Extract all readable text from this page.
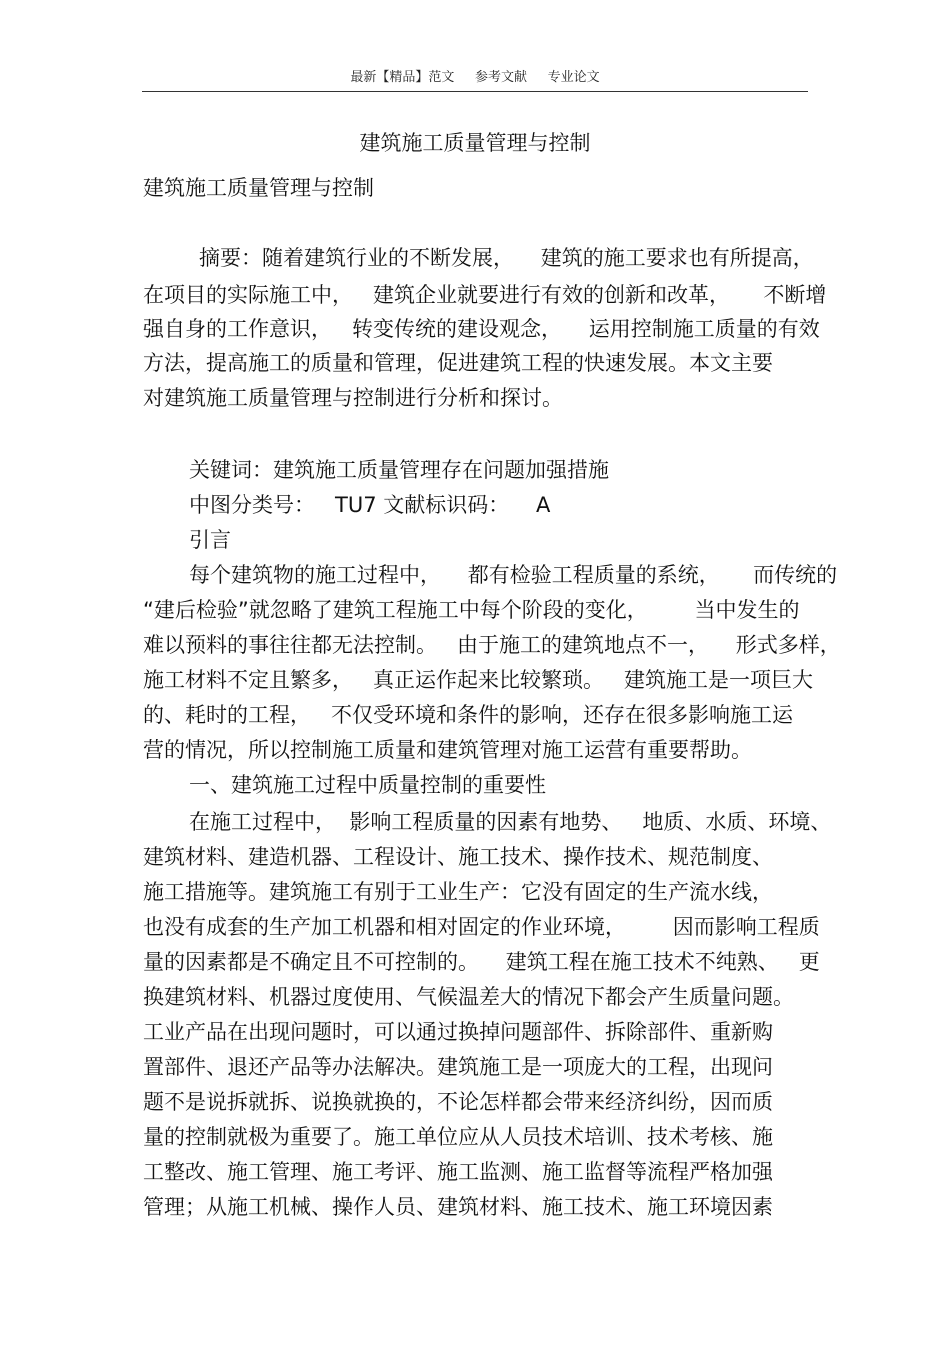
最新【精品】范文     参考文献     专业论文
建筑施工质量管理与控制
建筑施工质量管理与控制
摘要：随着建筑行业的不断发展，    建筑的施工要求也有所提高，
在项目的实际施工中，   建筑企业就要进行有效的创新和改革，     不断增
强自身的工作意识，   转变传统的建设观念，    运用控制施工质量的有效
方法，提高施工的质量和管理，促进建筑工程的快速发展。本文主要
对建筑施工质量管理与控制进行分析和探讨。
关键词：建筑施工质量管理存在问题加强措施
中图分类号：   TU7 文献标识码：    A
引言
每个建筑物的施工过程中，    都有检验工程质量的系统，     而传统的
“建后检验”就忽略了建筑工程施工中每个阶段的变化，       当中发生的
难以预料的事往往都无法控制。   由于施工的建筑地点不一，    形式多样，
施工材料不定且繁多，   真正运作起来比较繁琐。   建筑施工是一项巨大
的、耗时的工程，   不仅受环境和条件的影响，还存在很多影响施工运
营的情况，所以控制施工质量和建筑管理对施工运营有重要帮助。
一、建筑施工过程中质量控制的重要性
在施工过程中，  影响工程质量的因素有地势、   地质、水质、环境、
建筑材料、建造机器、工程设计、施工技术、操作技术、规范制度、
施工措施等。建筑施工有别于工业生产：它没有固定的生产流水线，
也没有成套的生产加工机器和相对固定的作业环境，       因而影响工程质
量的因素都是不确定且不可控制的。    建筑工程在施工技术不纯熟、   更
换建筑材料、机器过度使用、气候温差大的情况下都会产生质量问题。
工业产品在出现问题时，可以通过换掉问题部件、拆除部件、重新购
置部件、退还产品等办法解决。建筑施工是一项庞大的工程，出现问
题不是说拆就拆、说换就换的，不论怎样都会带来经济纠纷，因而质
量的控制就极为重要了。施工单位应从人员技术培训、技术考核、施
工整改、施工管理、施工考评、施工监测、施工监督等流程严格加强
管理；从施工机械、操作人员、建筑材料、施工技术、施工环境因素
